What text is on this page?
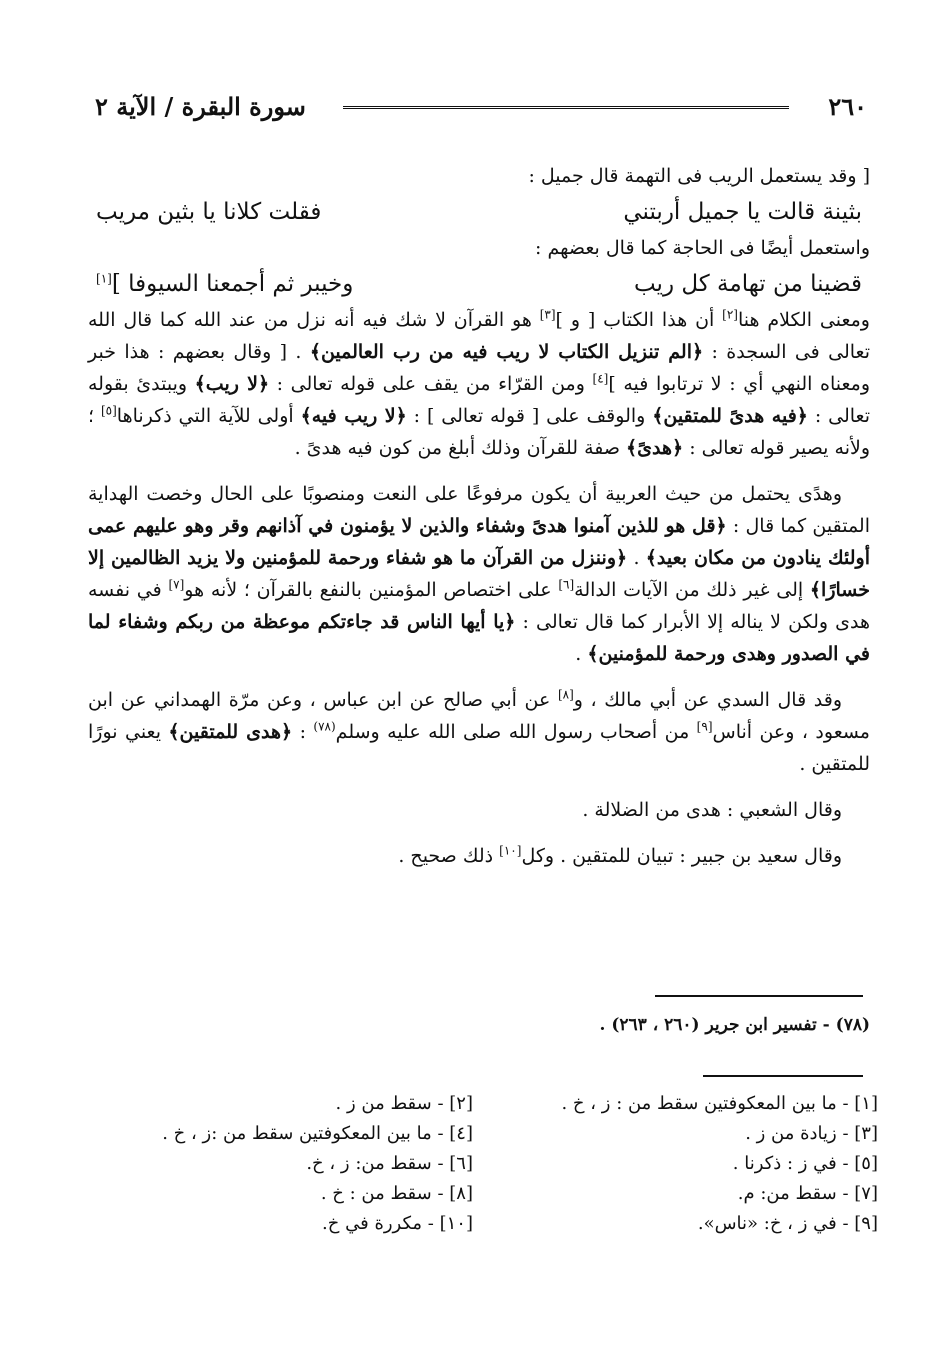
٢٦٠
سورة البقرة / الآية ٢

[ وقد يستعمل الريب فى التهمة قال جميل :

بثينة قالت يا جميل أربتني
فقلت كلانا يا بثين مريب

واستعمل أيضًا فى الحاجة كما قال بعضهم :

قضينا من تهامة كل ريب
وخيبر ثم أجمعنا السيوفا ][١]

ومعنى الكلام هنا[٢] أن هذا الكتاب [ و ][٣] هو القرآن لا شك فيه أنه نزل من عند الله كما قال الله تعالى فى السجدة : ﴿الم تنزيل الكتاب لا ريب فيه من رب العالمين﴾ . [ وقال بعضهم : هذا خبر ومعناه النهي أي : لا ترتابوا فيه ][٤] ومن القرّاء من يقف على قوله تعالى : ﴿لا ريب﴾ ويبتدئ بقوله تعالى : ﴿فيه هدىً للمتقين﴾ والوقف على [ قوله تعالى ] : ﴿لا ريب فيه﴾ أولى للآية التي ذكرناها[٥] ؛ ولأنه يصير قوله تعالى : ﴿هدىً﴾ صفة للقرآن وذلك أبلغ من كون فيه هدىً .

وهدًى يحتمل من حيث العربية أن يكون مرفوعًا على النعت ومنصوبًا على الحال وخصت الهداية المتقين كما قال : ﴿قل هو للذين آمنوا هدىً وشفاء والذين لا يؤمنون في آذانهم وقر وهو عليهم عمى أولئك ينادون من مكان بعيد﴾ . ﴿وننزل من القرآن ما هو شفاء ورحمة للمؤمنين ولا يزيد الظالمين إلا خسارًا﴾ إلى غير ذلك من الآيات الدالة[٦] على اختصاص المؤمنين بالنفع بالقرآن ؛ لأنه هو[٧] في نفسه هدى ولكن لا يناله إلا الأبرار كما قال تعالى : ﴿يا أيها الناس قد جاءتكم موعظة من ربكم وشفاء لما في الصدور وهدى ورحمة للمؤمنين﴾ .

وقد قال السدي عن أبي مالك ، و[٨] عن أبي صالح عن ابن عباس ، وعن مرّة الهمداني عن ابن مسعود ، وعن أناس[٩] من أصحاب رسول الله صلى الله عليه وسلم$^{(٧٨)}$ : ﴿هدى للمتقين﴾ يعني نورًا للمتقين .

وقال الشعبي : هدى من الضلالة .

وقال سعيد بن جبير : تبيان للمتقين . وكل[١٠] ذلك صحيح .

(٧٨) - تفسير ابن جرير (٢٦٠ ، ٢٦٣) .
[١] - ما بين المعكوفتين سقط من : ز ، خ .
[٢] - سقط من ز .
[٣] - زيادة من ز .
[٤] - ما بين المعكوفتين سقط من :ز ، خ .
[٥] - في ز : ذكرنا .
[٦] - سقط من: ز ، خ.
[٧] - سقط من: م.
[٨] - سقط من : خ .
[٩] - في ز ، خ: «ناس».
[١٠] - مكررة في خ.
